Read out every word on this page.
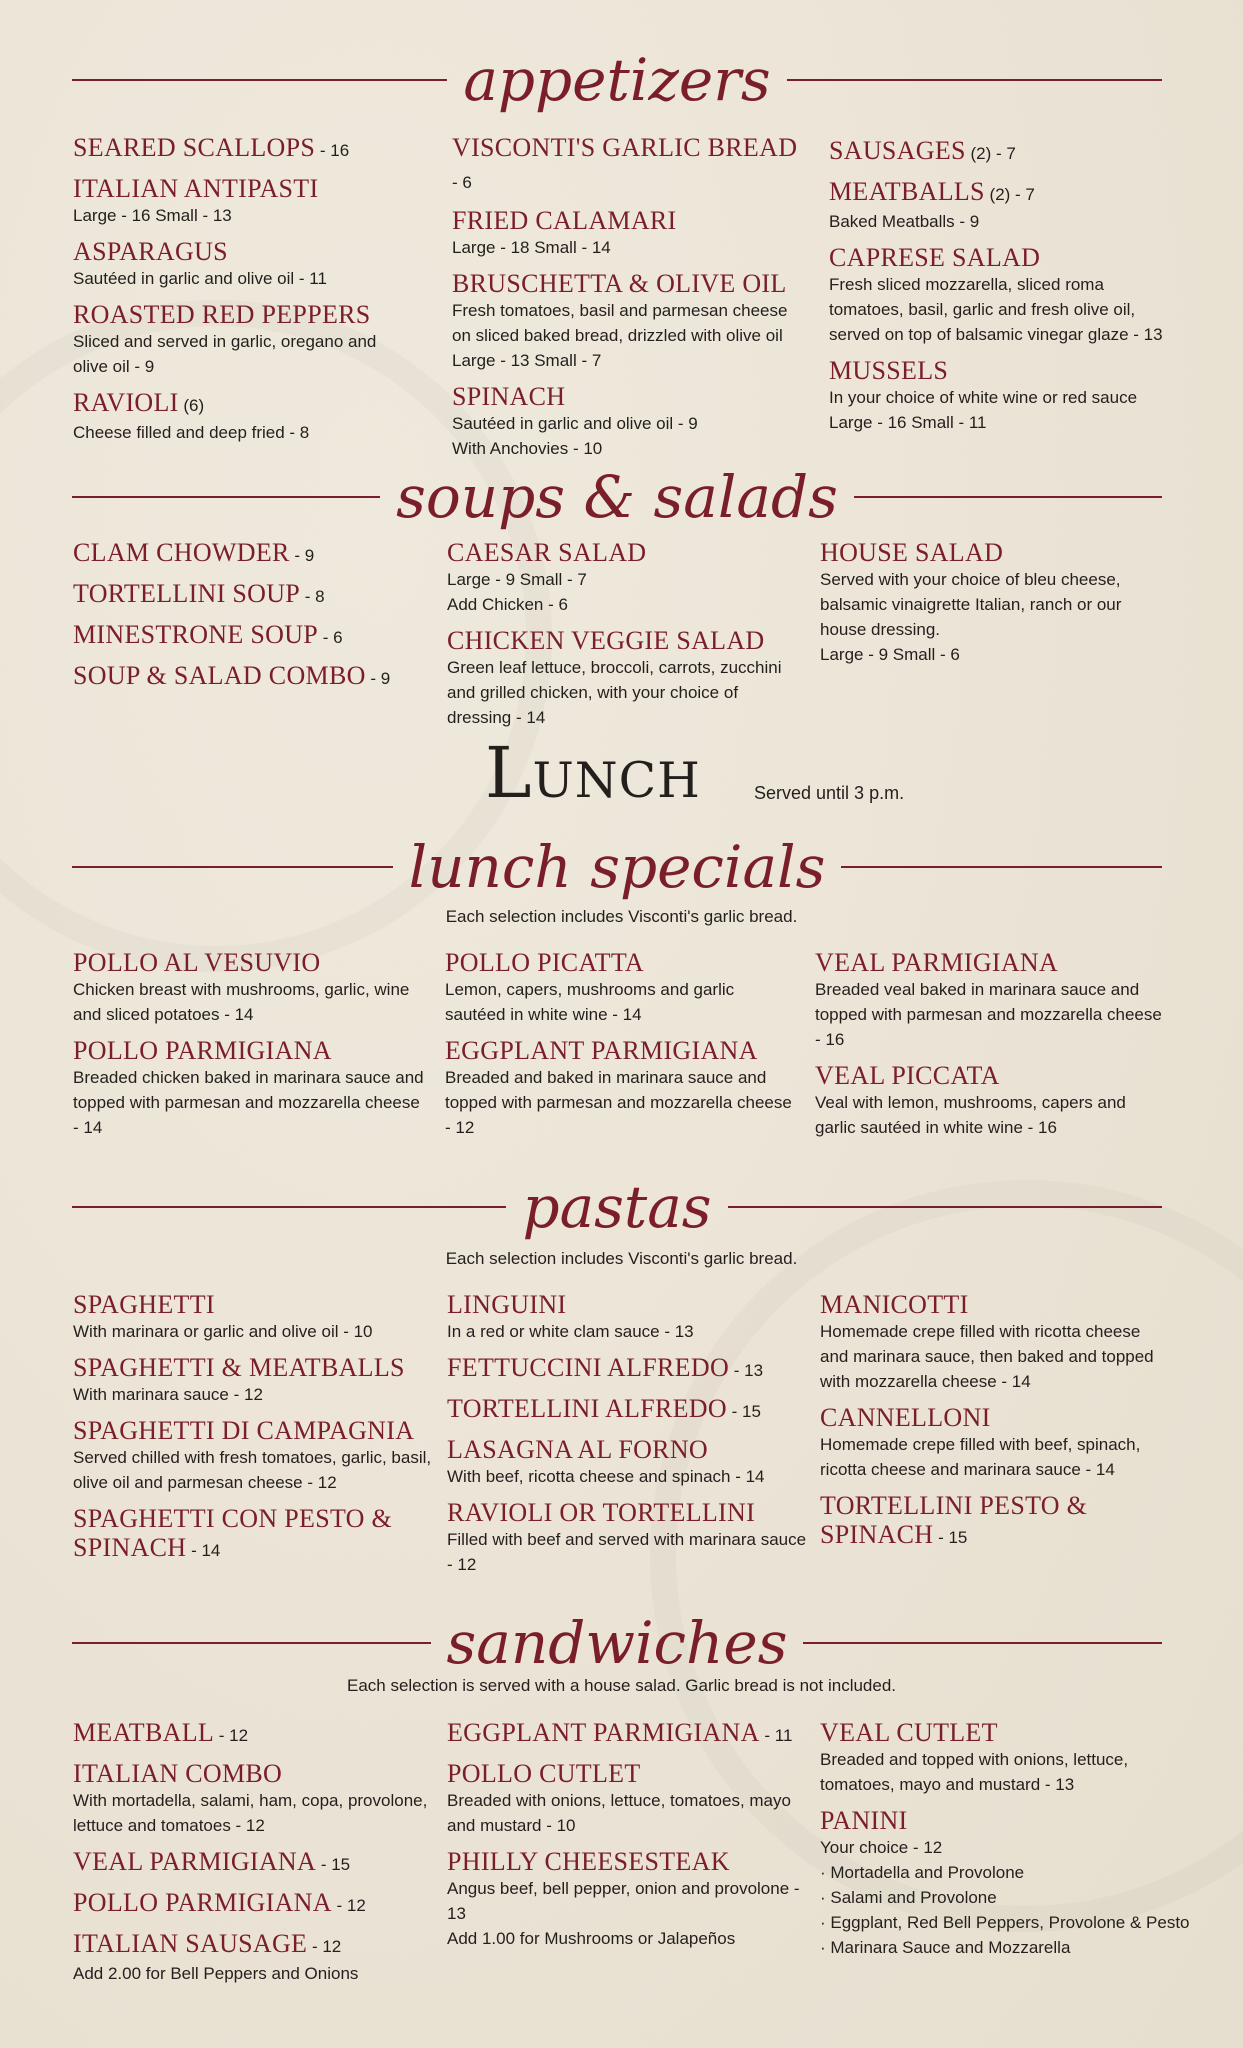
appetizers
SEARED SCALLOPS - 16
ITALIAN ANTIPASTI
Large - 16 Small - 13
ASPARAGUS
Sautéed in garlic and olive oil - 11
ROASTED RED PEPPERS
Sliced and served in garlic, oregano and olive oil - 9
RAVIOLI (6)
Cheese filled and deep fried - 8
VISCONTI'S GARLIC BREAD - 6
FRIED CALAMARI
Large - 18 Small - 14
BRUSCHETTA & OLIVE OIL
Fresh tomatoes, basil and parmesan cheese on sliced baked bread, drizzled with olive oil
Large - 13 Small - 7
SPINACH
Sautéed in garlic and olive oil - 9
With Anchovies - 10
SAUSAGES (2) - 7
MEATBALLS (2) - 7
Baked Meatballs - 9
CAPRESE SALAD
Fresh sliced mozzarella, sliced roma tomatoes, basil, garlic and fresh olive oil, served on top of balsamic vinegar glaze - 13
MUSSELS
In your choice of white wine or red sauce
Large - 16 Small - 11
soups & salads
CLAM CHOWDER - 9
TORTELLINI SOUP - 8
MINESTRONE SOUP - 6
SOUP & SALAD COMBO - 9
CAESAR SALAD
Large - 9 Small - 7
Add Chicken - 6
CHICKEN VEGGIE SALAD
Green leaf lettuce, broccoli, carrots, zucchini and grilled chicken, with your choice of dressing - 14
HOUSE SALAD
Served with your choice of bleu cheese, balsamic vinaigrette Italian, ranch or our house dressing.
Large - 9 Small - 6
Lunch	Served until 3 p.m.
lunch specials
Each selection includes Visconti's garlic bread.
POLLO AL VESUVIO
Chicken breast with mushrooms, garlic, wine and sliced potatoes - 14
POLLO PARMIGIANA
Breaded chicken baked in marinara sauce and topped with parmesan and mozzarella cheese - 14
POLLO PICATTA
Lemon, capers, mushrooms and garlic sautéed in white wine - 14
EGGPLANT PARMIGIANA
Breaded and baked in marinara sauce and topped with parmesan and mozzarella cheese - 12
VEAL PARMIGIANA
Breaded veal baked in marinara sauce and topped with parmesan and mozzarella cheese - 16
VEAL PICCATA
Veal with lemon, mushrooms, capers and garlic sautéed in white wine - 16
pastas
Each selection includes Visconti's garlic bread.
SPAGHETTI
With marinara or garlic and olive oil - 10
SPAGHETTI & MEATBALLS
With marinara sauce - 12
SPAGHETTI DI CAMPAGNIA
Served chilled with fresh tomatoes, garlic, basil, olive oil and parmesan cheese - 12
SPAGHETTI CON PESTO & SPINACH - 14
LINGUINI
In a red or white clam sauce - 13
FETTUCCINI ALFREDO - 13
TORTELLINI ALFREDO - 15
LASAGNA AL FORNO
With beef, ricotta cheese and spinach - 14
RAVIOLI OR TORTELLINI
Filled with beef and served with marinara sauce - 12
MANICOTTI
Homemade crepe filled with ricotta cheese and marinara sauce, then baked and topped with mozzarella cheese - 14
CANNELLONI
Homemade crepe filled with beef, spinach, ricotta cheese and marinara sauce - 14
TORTELLINI PESTO & SPINACH - 15
sandwiches
Each selection is served with a house salad. Garlic bread is not included.
MEATBALL - 12
ITALIAN COMBO
With mortadella, salami, ham, copa, provolone, lettuce and tomatoes - 12
VEAL PARMIGIANA - 15
POLLO PARMIGIANA - 12
ITALIAN SAUSAGE - 12
Add 2.00 for Bell Peppers and Onions
EGGPLANT PARMIGIANA - 11
POLLO CUTLET
Breaded with onions, lettuce, tomatoes, mayo and mustard - 10
PHILLY CHEESESTEAK
Angus beef, bell pepper, onion and provolone - 13
Add 1.00 for Mushrooms or Jalapeños
VEAL CUTLET
Breaded and topped with onions, lettuce, tomatoes, mayo and mustard - 13
PANINI
Your choice - 12
· Mortadella and Provolone
· Salami and Provolone
· Eggplant, Red Bell Peppers, Provolone & Pesto
· Marinara Sauce and Mozzarella
